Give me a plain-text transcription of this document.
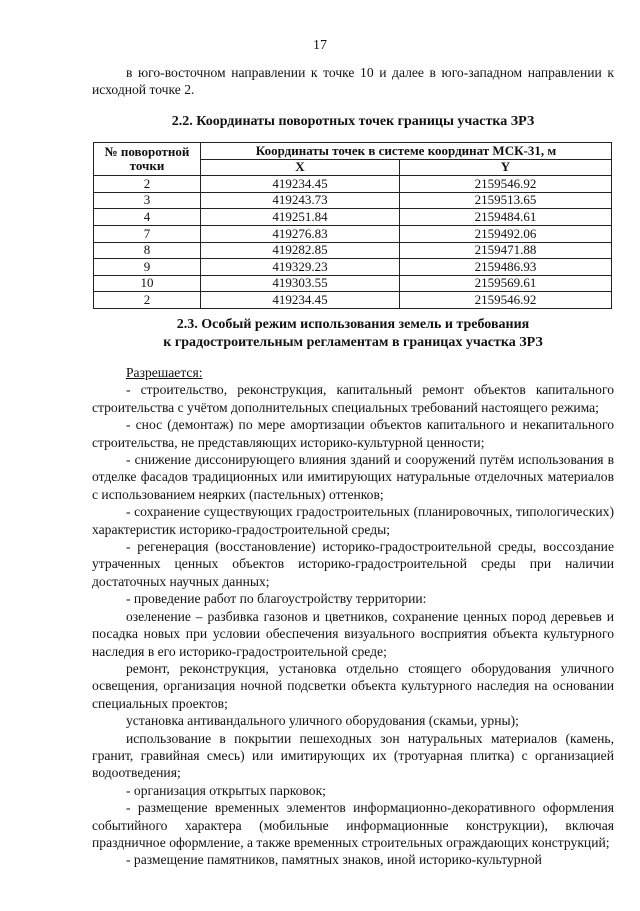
17

в юго-восточном направлении к точке 10 и далее в юго-западном направлении к исходной точке 2.

2.2. Координаты поворотных точек границы участка ЗРЗ
№ поворотной точки	Координаты точек в системе координат МСК-31, м	
	X	Y
2	419234.45	2159546.92
3	419243.73	2159513.65
4	419251.84	2159484.61
7	419276.83	2159492.06
8	419282.85	2159471.88
9	419329.23	2159486.93
10	419303.55	2159569.61
2	419234.45	2159546.92
2.3. Особый режим использования земель и требования
к градостроительным регламентам в границах участка ЗРЗ

Разрешается:

- строительство, реконструкция, капитальный ремонт объектов капитального строительства с учётом дополнительных специальных требований настоящего режима;

- снос (демонтаж) по мере амортизации объектов капитального и некапитального строительства, не представляющих историко-культурной ценности;

- снижение диссонирующего влияния зданий и сооружений путём использования в отделке фасадов традиционных или имитирующих натуральные отделочных материалов с использованием неярких (пастельных) оттенков;

- сохранение существующих градостроительных (планировочных, типологических) характеристик историко-градостроительной среды;

- регенерация (восстановление) историко-градостроительной среды, воссоздание утраченных ценных объектов историко-градостроительной среды при наличии достаточных научных данных;

- проведение работ по благоустройству территории:

озеленение – разбивка газонов и цветников, сохранение ценных пород деревьев и посадка новых при условии обеспечения визуального восприятия объекта культурного наследия в его историко-градостроительной среде;

ремонт, реконструкция, установка отдельно стоящего оборудования уличного освещения, организация ночной подсветки объекта культурного наследия на основании специальных проектов;

установка антивандального уличного оборудования (скамьи, урны);

использование в покрытии пешеходных зон натуральных материалов (камень, гранит, гравийная смесь) или имитирующих их (тротуарная плитка) с организацией водоотведения;

- организация открытых парковок;

- размещение временных элементов информационно-декоративного оформления событийного характера (мобильные информационные конструкции), включая праздничное оформление, а также временных строительных ограждающих конструкций;

- размещение памятников, памятных знаков, иной историко-культурной
